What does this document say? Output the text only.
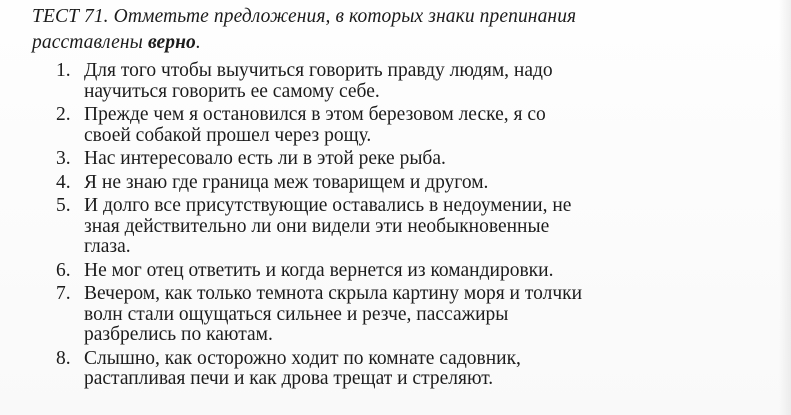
ТЕСТ 71. Отметьте предложения, в которых знаки препинания
расставлены верно.
1. Для того чтобы выучиться говорить правду людям, надо
научиться говорить ее самому себе.
2. Прежде чем я остановился в этом березовом леске, я со
своей собакой прошел через рощу.
3. Нас интересовало есть ли в этой реке рыба.
4. Я не знаю где граница меж товарищем и другом.
5. И долго все присутствующие оставались в недоумении, не
зная действительно ли они видели эти необыкновенные
глаза.
6. Не мог отец ответить и когда вернется из командировки.
7. Вечером, как только темнота скрыла картину моря и толчки
волн стали ощущаться сильнее и резче, пассажиры
разбрелись по каютам.
8. Слышно, как осторожно ходит по комнате садовник,
растапливая печи и как дрова трещат и стреляют.
